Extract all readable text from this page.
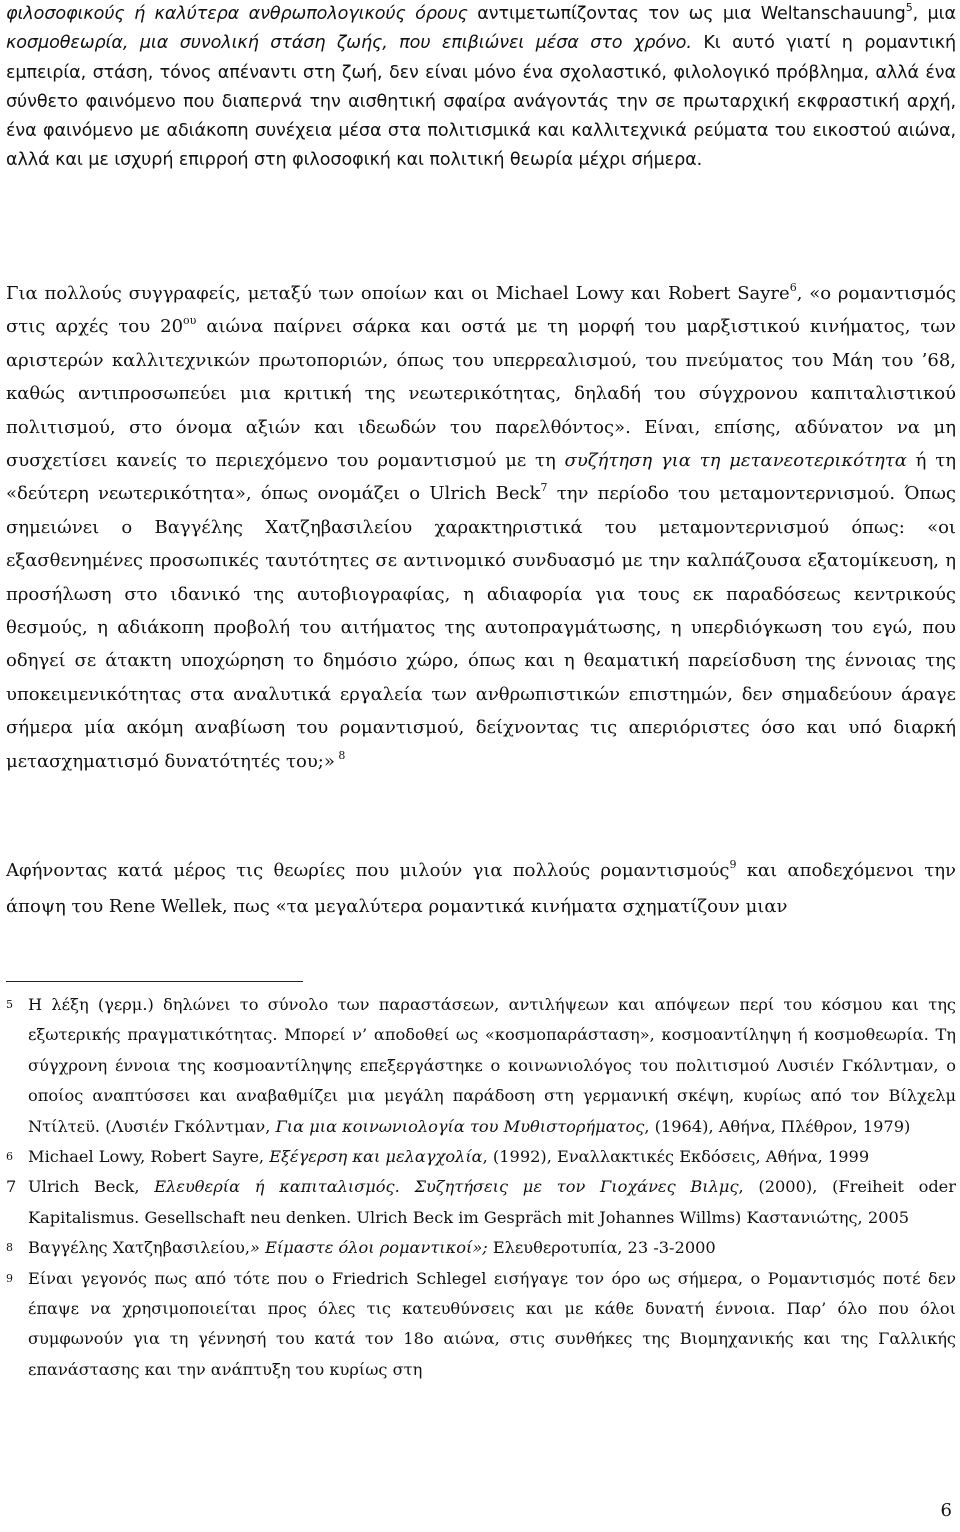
φιλοσοφικούς ή καλύτερα ανθρωπολογικούς όρους αντιμετωπίζοντας τον ως μια Weltanschauung$^5$, μια κοσμοθεωρία, μια συνολική στάση ζωής, που επιβιώνει μέσα στο χρόνο. Κι αυτό γιατί η ρομαντική εμπειρία, στάση, τόνος απέναντι στη ζωή, δεν είναι μόνο ένα σχολαστικό, φιλολογικό πρόβλημα, αλλά ένα σύνθετο φαινόμενο που διαπερνά την αισθητική σφαίρα ανάγοντάς την σε πρωταρχική εκφραστική αρχή, ένα φαινόμενο με αδιάκοπη συνέχεια μέσα στα πολιτισμικά και καλλιτεχνικά ρεύματα του εικοστού αιώνα, αλλά και με ισχυρή επιρροή στη φιλοσοφική και πολιτική θεωρία μέχρι σήμερα.

Για πολλούς συγγραφείς, μεταξύ των οποίων και οι Michael Lowy και Robert Sayre$^6$, «ο ρομαντισμός στις αρχές του $20^{o\upsilon}$ αιώνα παίρνει σάρκα και οστά με τη μορφή του μαρξιστικού κινήματος, των αριστερών καλλιτεχνικών πρωτοποριών, όπως του υπερρεαλισμού, του πνεύματος του Μάη του ’68, καθώς αντιπροσωπεύει μια κριτική της νεωτερικότητας, δηλαδή του σύγχρονου καπιταλιστικού πολιτισμού, στο όνομα αξιών και ιδεωδών του παρελθόντος». Είναι, επίσης, αδύνατον να μη συσχετίσει κανείς το περιεχόμενο του ρομαντισμού με τη συζήτηση για τη μετανεοτερικότητα ή τη «δεύτερη νεωτερικότητα», όπως ονομάζει ο Ulrich Beck$^7$ την περίοδο του μεταμοντερνισμού. Όπως σημειώνει ο Βαγγέλης Χατζηβασιλείου χαρακτηριστικά του μεταμοντερνισμού όπως: «οι εξασθενημένες προσωπικές ταυτότητες σε αντινομικό συνδυασμό με την καλπάζουσα εξατομίκευση, η προσήλωση στο ιδανικό της αυτοβιογραφίας, η αδιαφορία για τους εκ παραδόσεως κεντρικούς θεσμούς, η αδιάκοπη προβολή του αιτήματος της αυτοπραγμάτωσης, η υπερδιόγκωση του εγώ, που οδηγεί σε άτακτη υποχώρηση το δημόσιο χώρο, όπως και η θεαματική παρείσδυση της έννοιας της υποκειμενικότητας στα αναλυτικά εργαλεία των ανθρωπιστικών επιστημών, δεν σημαδεύουν άραγε σήμερα μία ακόμη αναβίωση του ρομαντισμού, δείχνοντας τις απεριόριστες όσο και υπό διαρκή μετασχηματισμό δυνατότητές του;» $^8$

Αφήνοντας κατά μέρος τις θεωρίες που μιλούν για πολλούς ρομαντισμούς$^9$ και αποδεχόμενοι την άποψη του Rene Wellek, πως «τα μεγαλύτερα ρομαντικά κινήματα σχηματίζουν μιαν

5 Η λέξη (γερμ.) δηλώνει το σύνολο των παραστάσεων, αντιλήψεων και απόψεων περί του κόσμου και της εξωτερικής πραγματικότητας. Μπορεί ν’ αποδοθεί ως «κοσμοπαράσταση», κοσμοαντίληψη ή κοσμοθεωρία. Τη σύγχρονη έννοια της κοσμοαντίληψης επεξεργάστηκε ο κοινωνιολόγος του πολιτισμού Λυσιέν Γκόλντμαν, ο οποίος αναπτύσσει και αναβαθμίζει μια μεγάλη παράδοση στη γερμανική σκέψη, κυρίως από τον Βίλχελμ Ντίλτεϋ. (Λυσιέν Γκόλντμαν, Για μια κοινωνιολογία του Μυθιστορήματος, (1964), Αθήνα, Πλέθρον, 1979)

6 Michael Lowy, Robert Sayre, Εξέγερση και μελαγχολία, (1992), Εναλλακτικές Εκδόσεις, Αθήνα, 1999

7 Ulrich Beck, Ελευθερία ή καπιταλισμός. Συζητήσεις με τον Γιοχάνες Βιλμς, (2000), (Freiheit oder Kapitalismus. Gesellschaft neu denken. Ulrich Beck im Gespräch mit Johannes Willms) Καστανιώτης, 2005

8 Βαγγέλης Χατζηβασιλείου,» Είμαστε όλοι ρομαντικοί»; Ελευθεροτυπία, 23 -3-2000

9 Είναι γεγονός πως από τότε που ο Friedrich Schlegel εισήγαγε τον όρο ως σήμερα, ο Ρομαντισμός ποτέ δεν έπαψε να χρησιμοποιείται προς όλες τις κατευθύνσεις και με κάθε δυνατή έννοια. Παρ’ όλο που όλοι συμφωνούν για τη γέννησή του κατά τον 18ο αιώνα, στις συνθήκες της Βιομηχανικής και της Γαλλικής επανάστασης και την ανάπτυξη του κυρίως στη

6
